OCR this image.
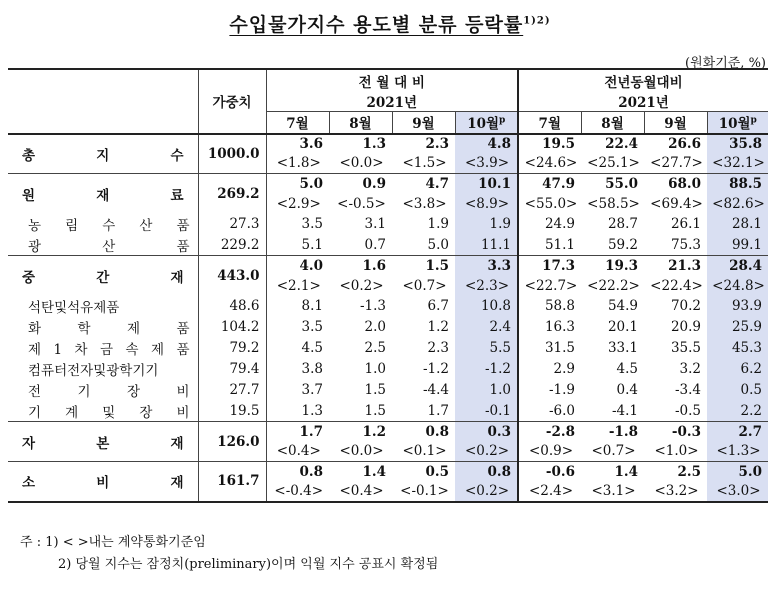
수입물가지수 용도별 분류 등락률$^{1)2)}$
(원화기준, %)
	가중치	전 월 대 비				전년동월대비			
		2021년				2021년			
		7월	8월	9월	10월$^p$	7월	8월	9월	10월$^p$
총 지 수	1000.0	3.6	1.3	2.3	4.8	19.5	22.4	26.6	35.8
		<1.8>	<0.0>	<1.5>	<3.9>	<24.6>	<25.1>	<27.7>	<32.1>
원 재 료	269.2	5.0	0.9	4.7	10.1	47.9	55.0	68.0	88.5
		<2.9>	<-0.5>	<3.8>	<8.9>	<55.0>	<58.5>	<69.4>	<82.6>
농 림 수 산 품	27.3	3.5	3.1	1.9	1.9	24.9	28.7	26.1	28.1
광 산 품	229.2	5.1	0.7	5.0	11.1	51.1	59.2	75.3	99.1
중 간 재	443.0	4.0	1.6	1.5	3.3	17.3	19.3	21.3	28.4
		<2.1>	<0.2>	<0.7>	<2.3>	<22.7>	<22.2>	<22.4>	<24.8>
석탄및석유제품	48.6	8.1	-1.3	6.7	10.8	58.8	54.9	70.2	93.9
화 학 제 품	104.2	3.5	2.0	1.2	2.4	16.3	20.1	20.9	25.9
제 1 차 금 속 제 품	79.2	4.5	2.5	2.3	5.5	31.5	33.1	35.5	45.3
컴퓨터전자및광학기기	79.4	3.8	1.0	-1.2	-1.2	2.9	4.5	3.2	6.2
전 기 장 비	27.7	3.7	1.5	-4.4	1.0	-1.9	0.4	-3.4	0.5
기 계 및 장 비	19.5	1.3	1.5	1.7	-0.1	-6.0	-4.1	-0.5	2.2
자 본 재	126.0	1.7	1.2	0.8	0.3	-2.8	-1.8	-0.3	2.7
		<0.4>	<0.0>	<0.1>	<0.2>	<0.9>	<0.7>	<1.0>	<1.3>
소 비 재	161.7	0.8	1.4	0.5	0.8	-0.6	1.4	2.5	5.0
		<-0.4>	<0.4>	<-0.1>	<0.2>	<2.4>	<3.1>	<3.2>	<3.0>
주 : 1) < >내는 계약통화기준임
2) 당월 지수는 잠정치(preliminary)이며 익월 지수 공표시 확정됨
